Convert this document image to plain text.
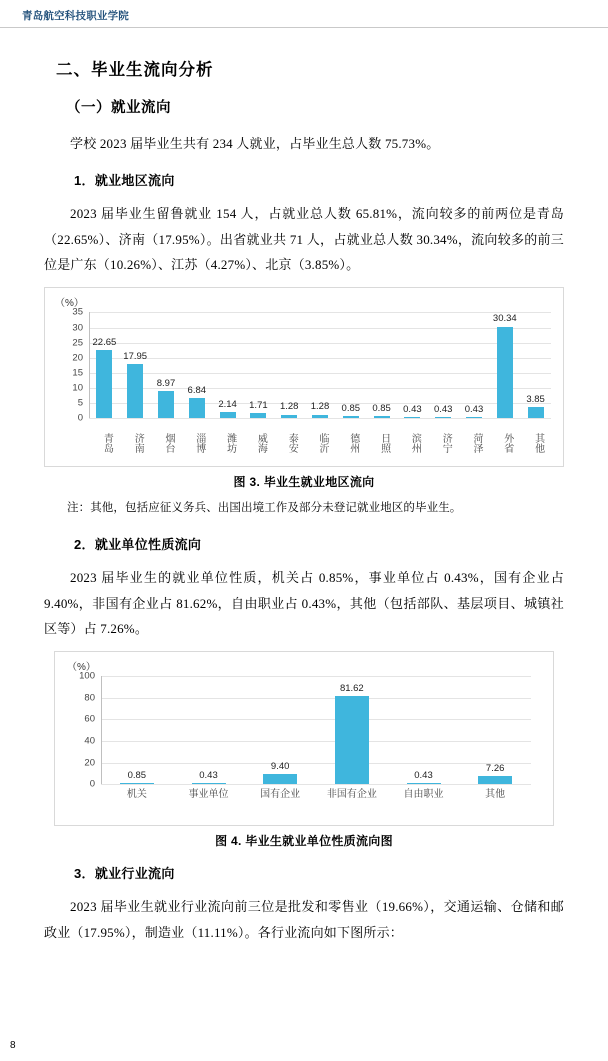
青岛航空科技职业学院
二、毕业生流向分析
（一）就业流向

学校 2023 届毕业生共有 234 人就业，占毕业生总人数 75.73%。

1．就业地区流向

2023 届毕业生留鲁就业 154 人，占就业总人数 65.81%，流向较多的前两位是青岛（22.65%）、济南（17.95%）。出省就业共 71 人，占就业总人数 30.34%，流向较多的前三位是广东（10.26%）、江苏（4.27%）、北京（3.85%）。

（%）
0
5
10
15
20
25
30
35
22.65
青岛
17.95
济南
8.97
烟台
6.84
淄博
2.14
潍坊
1.71
威海
1.28
泰安
1.28
临沂
0.85
德州
0.85
日照
0.43
滨州
0.43
济宁
0.43
菏泽
30.34
外省
3.85
其他
图 3. 毕业生就业地区流向

注：其他，包括应征义务兵、出国出境工作及部分未登记就业地区的毕业生。

2．就业单位性质流向

2023 届毕业生的就业单位性质，机关占 0.85%，事业单位占 0.43%，国有企业占 9.40%，非国有企业占 81.62%，自由职业占 0.43%，其他（包括部队、基层项目、城镇社区等）占 7.26%。

（%）
0
20
40
60
80
100
0.85
机关
0.43
事业单位
9.40
国有企业
81.62
非国有企业
0.43
自由职业
7.26
其他
图 4. 毕业生就业单位性质流向图
3．就业行业流向

2023 届毕业生就业行业流向前三位是批发和零售业（19.66%），交通运输、仓储和邮政业（17.95%），制造业（11.11%）。各行业流向如下图所示：

8
